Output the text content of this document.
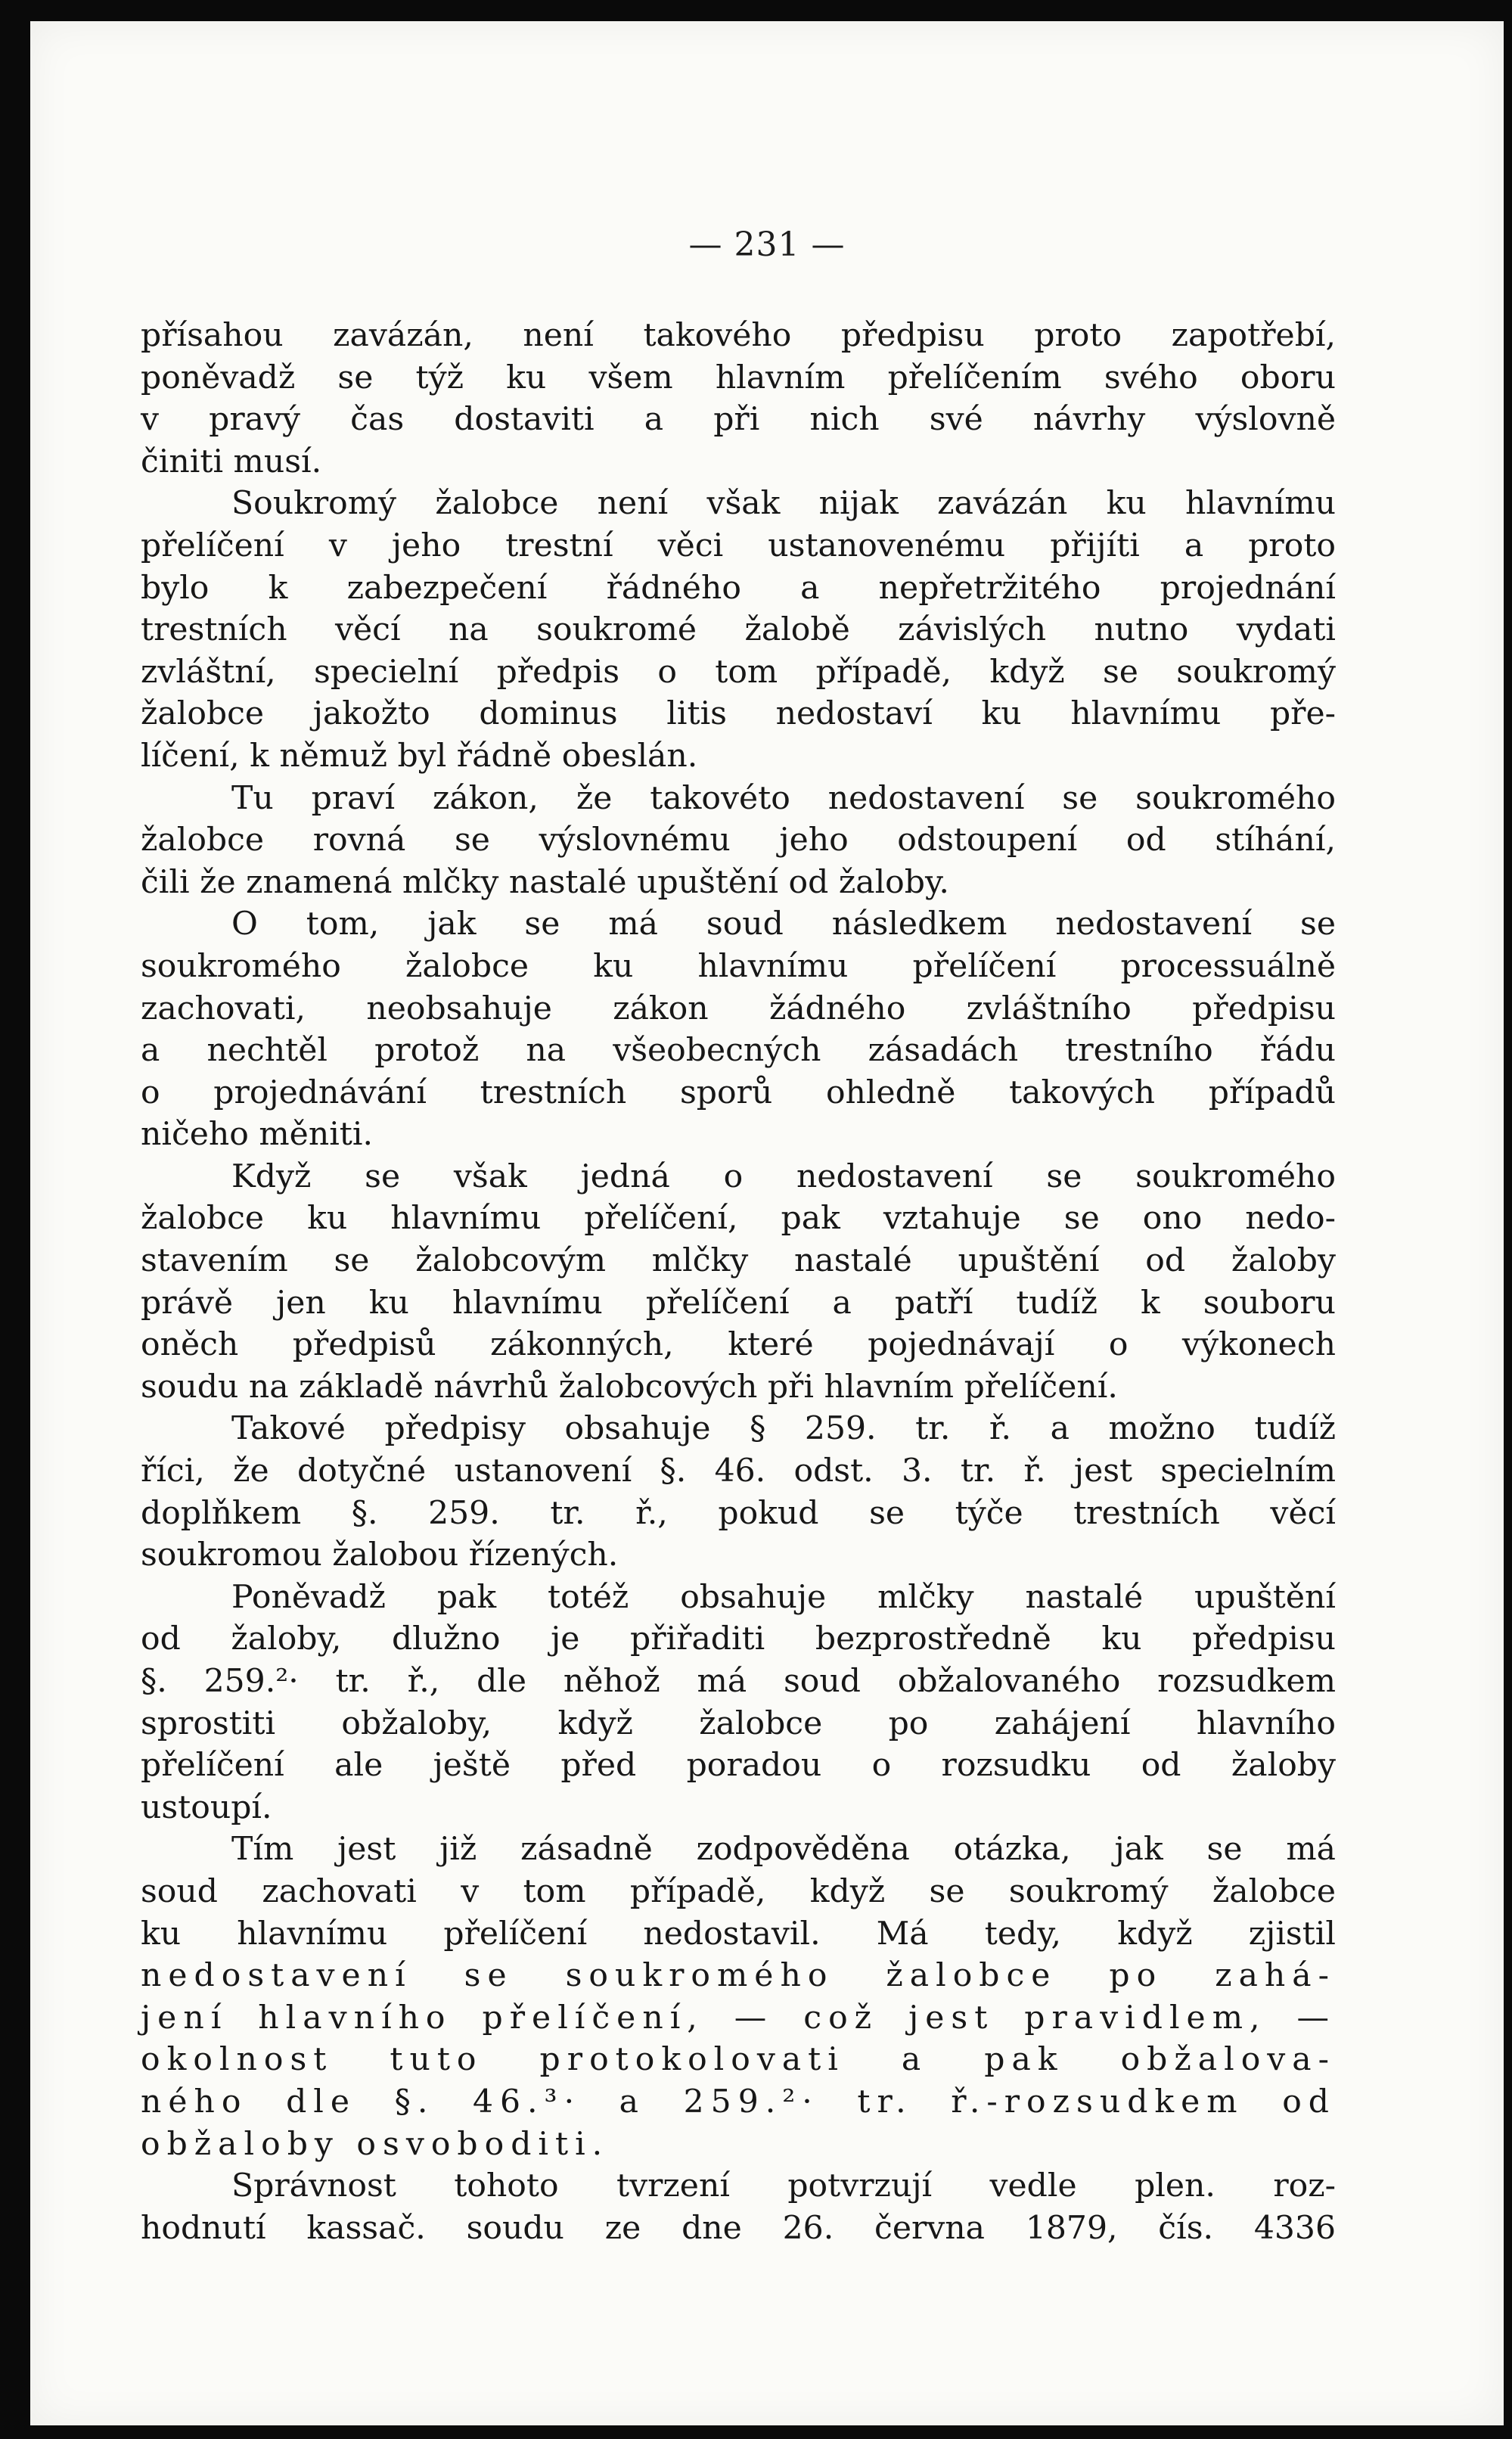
— 231 —
přísahou zavázán, není takového předpisu proto zapotřebí,
poněvadž se týž ku všem hlavním přelíčením svého oboru
v pravý čas dostaviti a při nich své návrhy výslovně
činiti musí.
Soukromý žalobce není však nijak zavázán ku hlavnímu
přelíčení v jeho trestní věci ustanovenému přijíti a proto
bylo k zabezpečení řádného a nepřetržitého projednání
trestních věcí na soukromé žalobě závislých nutno vydati
zvláštní, specielní předpis o tom případě, když se soukromý
žalobce jakožto dominus litis nedostaví ku hlavnímu pře-
líčení, k němuž byl řádně obeslán.
Tu praví zákon, že takovéto nedostavení se soukromého
žalobce rovná se výslovnému jeho odstoupení od stíhání,
čili že znamená mlčky nastalé upuštění od žaloby.
O tom, jak se má soud následkem nedostavení se
soukromého žalobce ku hlavnímu přelíčení processuálně
zachovati, neobsahuje zákon žádného zvláštního předpisu
a nechtěl protož na všeobecných zásadách trestního řádu
o projednávání trestních sporů ohledně takových případů
ničeho měniti.
Když se však jedná o nedostavení se soukromého
žalobce ku hlavnímu přelíčení, pak vztahuje se ono nedo-
stavením se žalobcovým mlčky nastalé upuštění od žaloby
právě jen ku hlavnímu přelíčení a patří tudíž k souboru
oněch předpisů zákonných, které pojednávají o výkonech
soudu na základě návrhů žalobcových při hlavním přelíčení.
Takové předpisy obsahuje § 259. tr. ř. a možno tudíž
říci, že dotyčné ustanovení §. 46. odst. 3. tr. ř. jest specielním
doplňkem §. 259. tr. ř., pokud se týče trestních věcí
soukromou žalobou řízených.
Poněvadž pak totéž obsahuje mlčky nastalé upuštění
od žaloby, dlužno je přiřaditi bezprostředně ku předpisu
§. 259.²· tr. ř., dle něhož má soud obžalovaného rozsudkem
sprostiti obžaloby, když žalobce po zahájení hlavního
přelíčení ale ještě před poradou o rozsudku od žaloby
ustoupí.
Tím jest již zásadně zodpověděna otázka, jak se má
soud zachovati v tom případě, když se soukromý žalobce
ku hlavnímu přelíčení nedostavil. Má tedy, když zjistil
nedostavení se soukromého žalobce po zahá-
jení hlavního přelíčení, — což jest pravidlem, —
okolnost tuto protokolovati a pak obžalova-
ného dle §. 46.³· a 259.²· tr. ř.-rozsudkem od
obžaloby osvoboditi.
Správnost tohoto tvrzení potvrzují vedle plen. roz-
hodnutí kassač. soudu ze dne 26. června 1879, čís. 4336
